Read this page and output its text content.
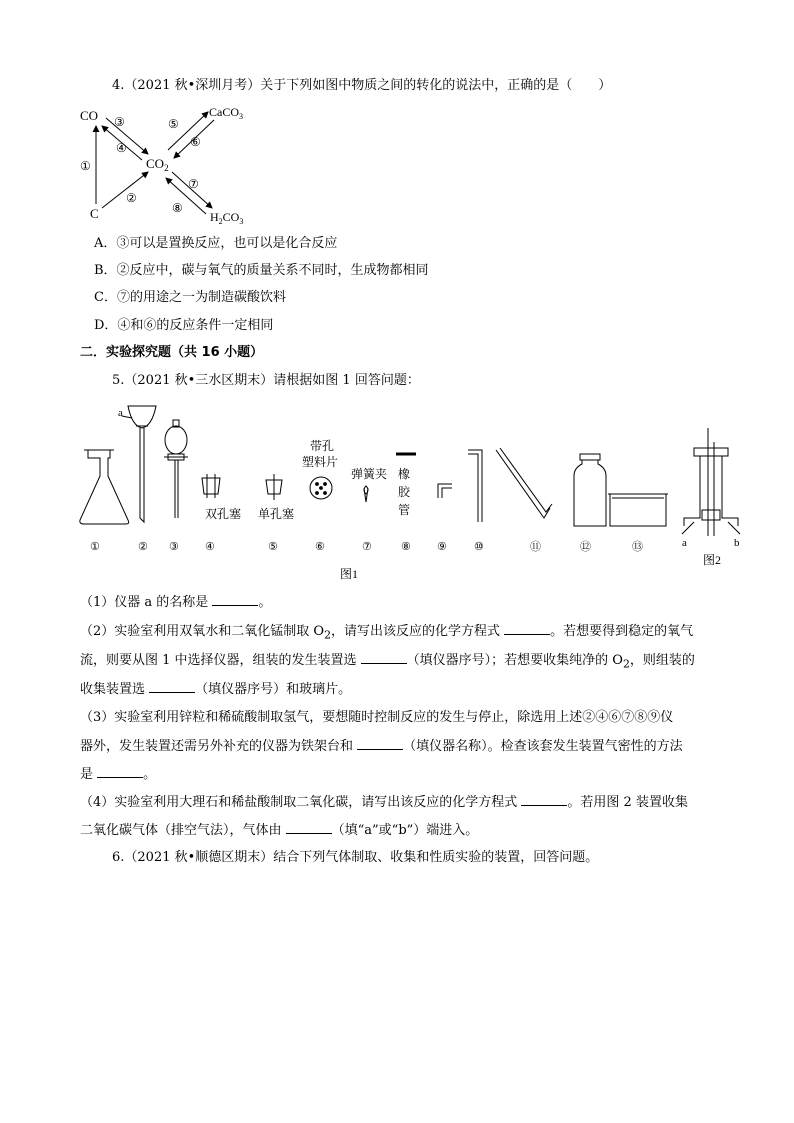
4.（2021 秋•深圳月考）关于下列如图中物质之间的转化的说法中，正确的是（　　）
CO
$CO_2$
C
CaCO$_3$
$H_2CO_3$
①
③
④
②
⑤
⑥
⑦
⑧
A．③可以是置换反应，也可以是化合反应
B．②反应中，碳与氧气的质量关系不同时，生成物都相同
C．⑦的用途之一为制造碳酸饮料
D．④和⑥的反应条件一定相同
二．实验探究题（共 16 小题）
5.（2021 秋•三水区期末）请根据如图 1 回答问题：
a
双孔塞 单孔塞
带孔
塑料片
弹簧夹 橡
胶
管
①	② ③ ④	⑤	⑥	⑦	⑧ ⑨ ⑩	⑪	⑫	⑬	a	b
图1
图2
（1）仪器 a 的名称是	。
（2）实验室利用双氧水和二氧化锰制取 $O_2$，请写出该反应的化学方程式	。若想要得到稳定的氧气
流，则要从图 1 中选择仪器，组装的发生装置选	（填仪器序号）；若想要收集纯净的 $O_2$，则组装的
收集装置选	（填仪器序号）和玻璃片。
（3）实验室利用锌粒和稀硫酸制取氢气，要想随时控制反应的发生与停止，除选用上述②④⑥⑦⑧⑨仪
器外，发生装置还需另外补充的仪器为铁架台和	（填仪器名称）。检查该套发生装置气密性的方法
是	。
（4）实验室利用大理石和稀盐酸制取二氧化碳，请写出该反应的化学方程式	。若用图 2 装置收集
二氧化碳气体（排空气法），气体由	（填“a”或“b”）端进入。
6.（2021 秋•顺德区期末）结合下列气体制取、收集和性质实验的装置，回答问题。
